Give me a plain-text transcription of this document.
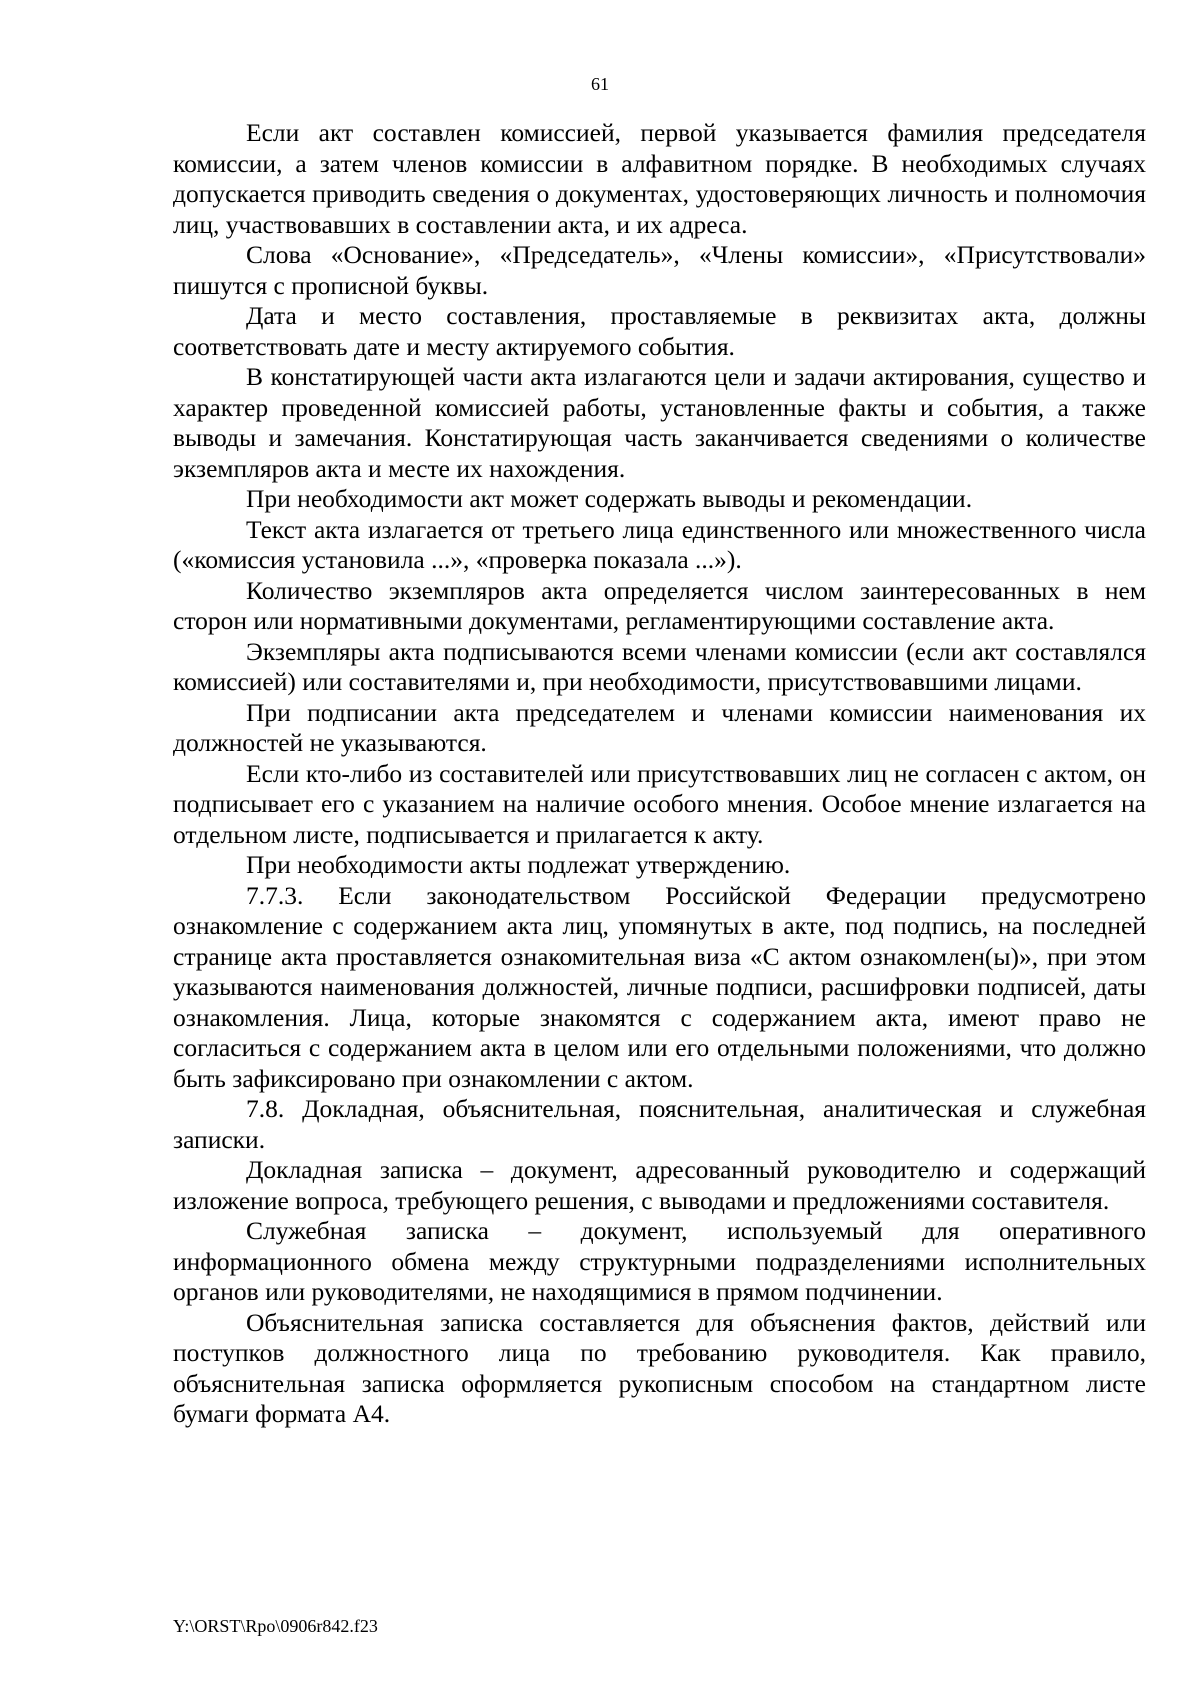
61

Если акт составлен комиссией, первой указывается фамилия председателя комиссии, а затем членов комиссии в алфавитном порядке. В необходимых случаях допускается приводить сведения о документах, удостоверяющих личность и полномочия лиц, участвовавших в составлении акта, и их адреса.

Слова «Основание», «Председатель», «Члены комиссии», «Присутствовали» пишутся с прописной буквы.

Дата и место составления, проставляемые в реквизитах акта, должны соответствовать дате и месту актируемого события.

В констатирующей части акта излагаются цели и задачи актирования, существо и характер проведенной комиссией работы, установленные факты и события, а также выводы и замечания. Констатирующая часть заканчивается сведениями о количестве экземпляров акта и месте их нахождения.

При необходимости акт может содержать выводы и рекомендации.

Текст акта излагается от третьего лица единственного или множественного числа («комиссия установила ...», «проверка показала ...»).

Количество экземпляров акта определяется числом заинтересованных в нем сторон или нормативными документами, регламентирующими составление акта.

Экземпляры акта подписываются всеми членами комиссии (если акт составлялся комиссией) или составителями и, при необходимости, присутствовавшими лицами.

При подписании акта председателем и членами комиссии наименования их должностей не указываются.

Если кто-либо из составителей или присутствовавших лиц не согласен с актом, он подписывает его с указанием на наличие особого мнения. Особое мнение излагается на отдельном листе, подписывается и прилагается к акту.

При необходимости акты подлежат утверждению.

7.7.3. Если законодательством Российской Федерации предусмотрено ознакомление с содержанием акта лиц, упомянутых в акте, под подпись, на последней странице акта проставляется ознакомительная виза «С актом ознакомлен(ы)», при этом указываются наименования должностей, личные подписи, расшифровки подписей, даты ознакомления. Лица, которые знакомятся с содержанием акта, имеют право не согласиться с содержанием акта в целом или его отдельными положениями, что должно быть зафиксировано при ознакомлении с актом.

7.8. Докладная, объяснительная, пояснительная, аналитическая и служебная записки.

Докладная записка – документ, адресованный руководителю и содержащий изложение вопроса, требующего решения, с выводами и предложениями составителя.

Служебная записка – документ, используемый для оперативного информационного обмена между структурными подразделениями исполнительных органов или руководителями, не находящимися в прямом подчинении.

Объяснительная записка составляется для объяснения фактов, действий или поступков должностного лица по требованию руководителя. Как правило, объяснительная записка оформляется рукописным способом на стандартном листе бумаги формата А4.

Y:\ORST\Rpo\0906r842.f23
